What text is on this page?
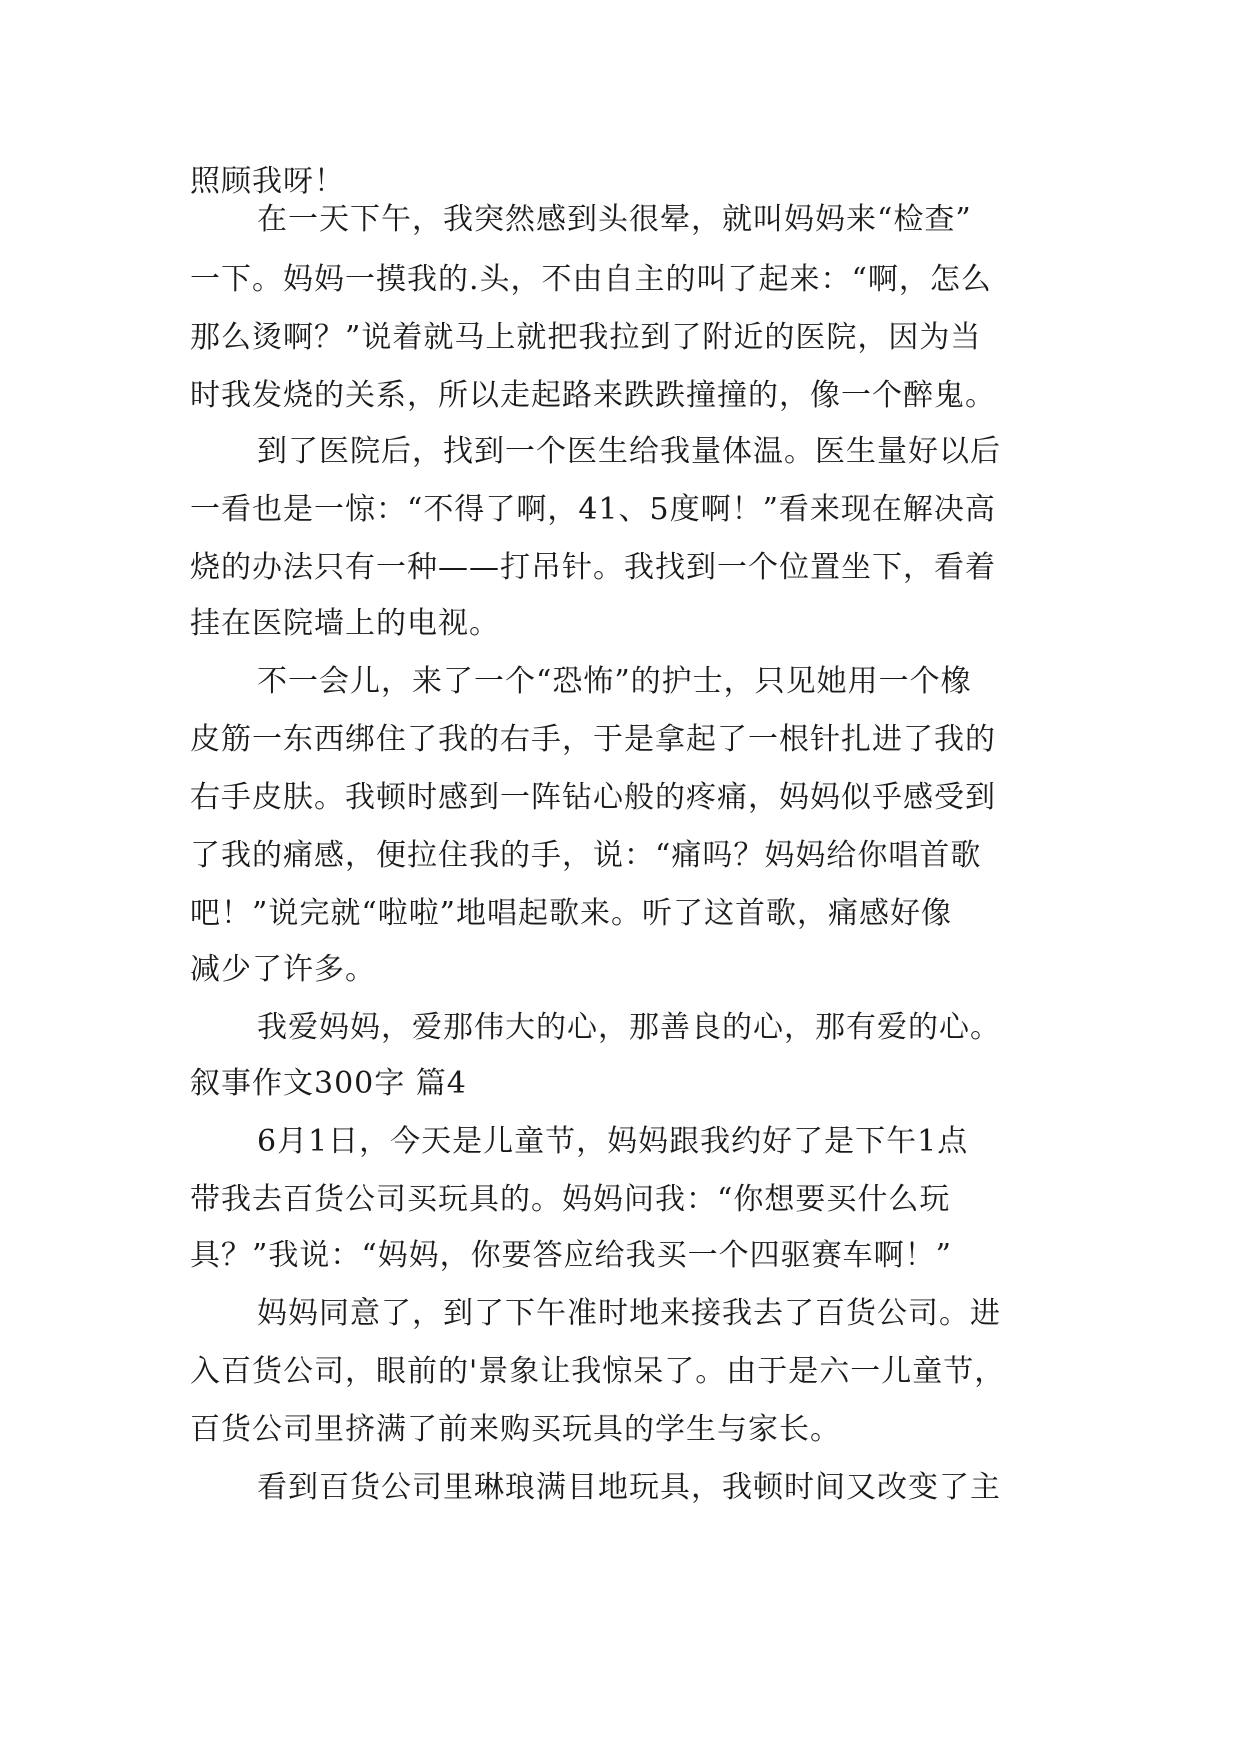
照顾我呀！
在一天下午，我突然感到头很晕，就叫妈妈来“检查”
一下。妈妈一摸我的.头，不由自主的叫了起来：“啊，怎么
那么烫啊？”说着就马上就把我拉到了附近的医院，因为当
时我发烧的关系，所以走起路来跌跌撞撞的，像一个醉鬼。
到了医院后，找到一个医生给我量体温。医生量好以后
一看也是一惊：“不得了啊，41、5度啊！”看来现在解决高
烧的办法只有一种——打吊针。我找到一个位置坐下，看着
挂在医院墙上的电视。
不一会儿，来了一个“恐怖”的护士，只见她用一个橡
皮筋一东西绑住了我的右手，于是拿起了一根针扎进了我的
右手皮肤。我顿时感到一阵钻心般的疼痛，妈妈似乎感受到
了我的痛感，便拉住我的手，说：“痛吗？妈妈给你唱首歌
吧！”说完就“啦啦”地唱起歌来。听了这首歌，痛感好像
减少了许多。
我爱妈妈，爱那伟大的心，那善良的心，那有爱的心。
叙事作文300字 篇4
6月1日，今天是儿童节，妈妈跟我约好了是下午1点
带我去百货公司买玩具的。妈妈问我：“你想要买什么玩
具？”我说：“妈妈，你要答应给我买一个四驱赛车啊！”
妈妈同意了，到了下午准时地来接我去了百货公司。进
入百货公司，眼前的'景象让我惊呆了。由于是六一儿童节，
百货公司里挤满了前来购买玩具的学生与家长。
看到百货公司里琳琅满目地玩具，我顿时间又改变了主
